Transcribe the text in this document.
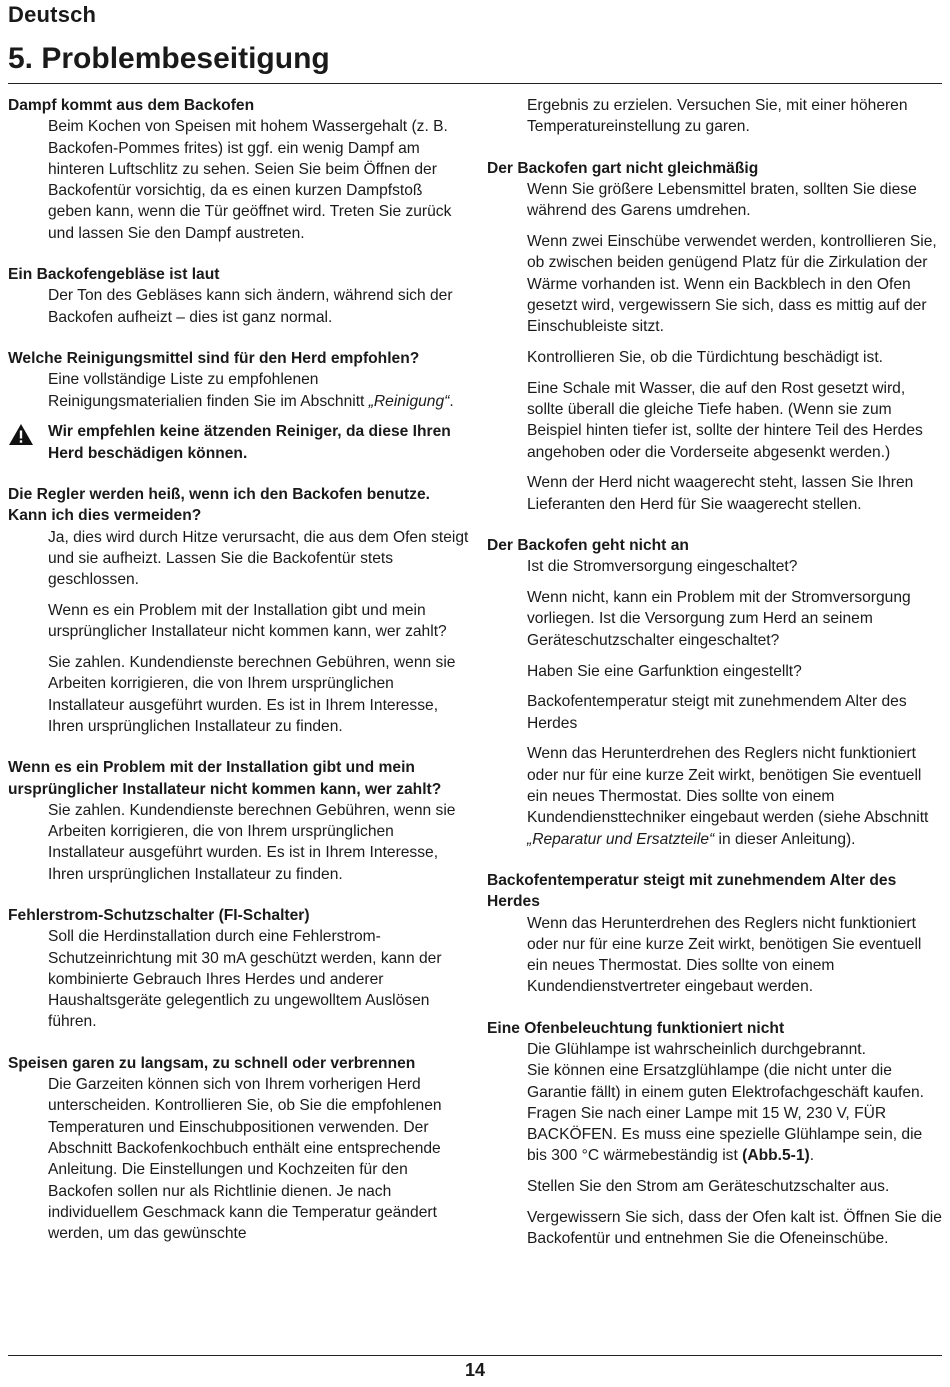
Deutsch
5. Problembeseitigung
Dampf kommt aus dem Backofen
Beim Kochen von Speisen mit hohem Wassergehalt (z. B. Backofen-Pommes frites) ist ggf. ein wenig Dampf am hinteren Luftschlitz zu sehen. Seien Sie beim Öffnen der Backofentür vorsichtig, da es einen kurzen Dampfstoß geben kann, wenn die Tür geöffnet wird. Treten Sie zurück und lassen Sie den Dampf austreten.
Ein Backofengebläse ist laut
Der Ton des Gebläses kann sich ändern, während sich der Backofen aufheizt – dies ist ganz normal.
Welche Reinigungsmittel sind für den Herd empfohlen?
Eine vollständige Liste zu empfohlenen Reinigungsmaterialien finden Sie im Abschnitt „Reinigung“.
Wir empfehlen keine ätzenden Reiniger, da diese Ihren Herd beschädigen können.
Die Regler werden heiß, wenn ich den Backofen benutze. Kann ich dies vermeiden?
Ja, dies wird durch Hitze verursacht, die aus dem Ofen steigt und sie aufheizt. Lassen Sie die Backofentür stets geschlossen.
Wenn es ein Problem mit der Installation gibt und mein ursprünglicher Installateur nicht kommen kann, wer zahlt?
Sie zahlen. Kundendienste berechnen Gebühren, wenn sie Arbeiten korrigieren, die von Ihrem ursprünglichen Installateur ausgeführt wurden. Es ist in Ihrem Interesse, Ihren ursprünglichen Installateur zu finden.
Wenn es ein Problem mit der Installation gibt und mein ursprünglicher Installateur nicht kommen kann, wer zahlt?
Sie zahlen. Kundendienste berechnen Gebühren, wenn sie Arbeiten korrigieren, die von Ihrem ursprünglichen Installateur ausgeführt wurden. Es ist in Ihrem Interesse, Ihren ursprünglichen Installateur zu finden.
Fehlerstrom-Schutzschalter (FI-Schalter)
Soll die Herdinstallation durch eine Fehlerstrom-Schutzeinrichtung mit 30 mA geschützt werden, kann der kombinierte Gebrauch Ihres Herdes und anderer Haushaltsgeräte gelegentlich zu ungewolltem Auslösen führen.
Speisen garen zu langsam, zu schnell oder verbrennen
Die Garzeiten können sich von Ihrem vorherigen Herd unterscheiden. Kontrollieren Sie, ob Sie die empfohlenen Temperaturen und Einschubpositionen verwenden. Der Abschnitt Backofenkochbuch enthält eine entsprechende Anleitung. Die Einstellungen und Kochzeiten für den Backofen sollen nur als Richtlinie dienen. Je nach individuellem Geschmack kann die Temperatur geändert werden, um das gewünschte
Ergebnis zu erzielen. Versuchen Sie, mit einer höheren Temperatureinstellung zu garen.
Der Backofen gart nicht gleichmäßig
Wenn Sie größere Lebensmittel braten, sollten Sie diese während des Garens umdrehen.
Wenn zwei Einschübe verwendet werden, kontrollieren Sie, ob zwischen beiden genügend Platz für die Zirkulation der Wärme vorhanden ist. Wenn ein Backblech in den Ofen gesetzt wird, vergewissern Sie sich, dass es mittig auf der Einschubleiste sitzt.
Kontrollieren Sie, ob die Türdichtung beschädigt ist.
Eine Schale mit Wasser, die auf den Rost gesetzt wird, sollte überall die gleiche Tiefe haben. (Wenn sie zum Beispiel hinten tiefer ist, sollte der hintere Teil des Herdes angehoben oder die Vorderseite abgesenkt werden.)
Wenn der Herd nicht waagerecht steht, lassen Sie Ihren Lieferanten den Herd für Sie waagerecht stellen.
Der Backofen geht nicht an
Ist die Stromversorgung eingeschaltet?
Wenn nicht, kann ein Problem mit der Stromversorgung vorliegen. Ist die Versorgung zum Herd an seinem Geräteschutzschalter eingeschaltet?
Haben Sie eine Garfunktion eingestellt?
Backofentemperatur steigt mit zunehmendem Alter des Herdes
Wenn das Herunterdrehen des Reglers nicht funktioniert oder nur für eine kurze Zeit wirkt, benötigen Sie eventuell ein neues Thermostat. Dies sollte von einem Kundendiensttechniker eingebaut werden (siehe Abschnitt „Reparatur und Ersatzteile“ in dieser Anleitung).
Backofentemperatur steigt mit zunehmendem Alter des Herdes
Wenn das Herunterdrehen des Reglers nicht funktioniert oder nur für eine kurze Zeit wirkt, benötigen Sie eventuell ein neues Thermostat. Dies sollte von einem Kundendienstvertreter eingebaut werden.
Eine Ofenbeleuchtung funktioniert nicht
Die Glühlampe ist wahrscheinlich durchgebrannt.
Sie können eine Ersatzglühlampe (die nicht unter die Garantie fällt) in einem guten Elektrofachgeschäft kaufen. Fragen Sie nach einer Lampe mit 15 W, 230 V, FÜR BACKÖFEN. Es muss eine spezielle Glühlampe sein, die bis 300 °C wärmebeständig ist (Abb.5-1).
Stellen Sie den Strom am Geräteschutzschalter aus.
Vergewissern Sie sich, dass der Ofen kalt ist. Öffnen Sie die Backofentür und entnehmen Sie die Ofeneinschübe.
14
